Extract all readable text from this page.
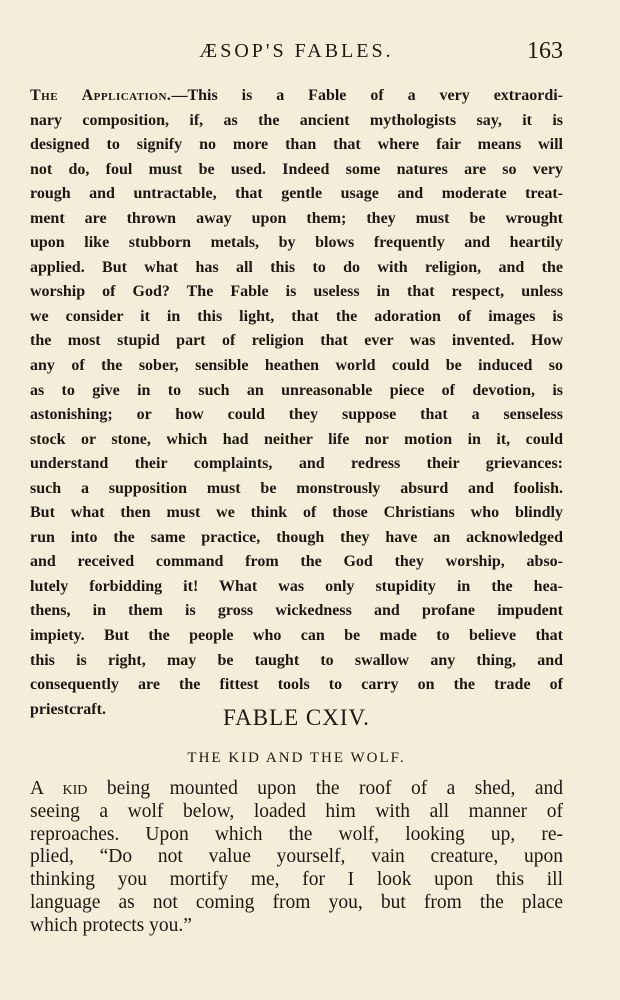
ÆSOP'S FABLES.	163

The Application.—This is a Fable of a very extraordi-
nary composition, if, as the ancient mythologists say, it is
designed to signify no more than that where fair means will
not do, foul must be used. Indeed some natures are so very
rough and untractable, that gentle usage and moderate treat-
ment are thrown away upon them; they must be wrought
upon like stubborn metals, by blows frequently and heartily
applied. But what has all this to do with religion, and the
worship of God? The Fable is useless in that respect, unless
we consider it in this light, that the adoration of images is
the most stupid part of religion that ever was invented. How
any of the sober, sensible heathen world could be induced so
as to give in to such an unreasonable piece of devotion, is
astonishing; or how could they suppose that a senseless
stock or stone, which had neither life nor motion in it, could
understand their complaints, and redress their grievances:
such a supposition must be monstrously absurd and foolish.
But what then must we think of those Christians who blindly
run into the same practice, though they have an acknowledged
and received command from the God they worship, abso-
lutely forbidding it! What was only stupidity in the hea-
thens, in them is gross wickedness and profane impudent
impiety. But the people who can be made to believe that
this is right, may be taught to swallow any thing, and
consequently are the fittest tools to carry on the trade of
priestcraft.	FABLE CXIV.
THE KID AND THE WOLF.

A kid being mounted upon the roof of a shed, and
seeing a wolf below, loaded him with all manner of
reproaches. Upon which the wolf, looking up, re-
plied, “Do not value yourself, vain creature, upon
thinking you mortify me, for I look upon this ill
language as not coming from you, but from the place
which protects you.”
